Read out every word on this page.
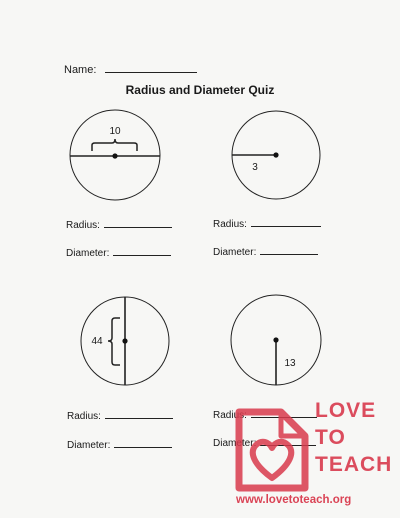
Name:
Radius and Diameter Quiz
10
3
44
13
Radius:
Diameter:
Radius:
Diameter:
Radius:
Diameter:
Radius:
Diameter:
LOVE
TO
TEACH
www.lovetoteach.org
